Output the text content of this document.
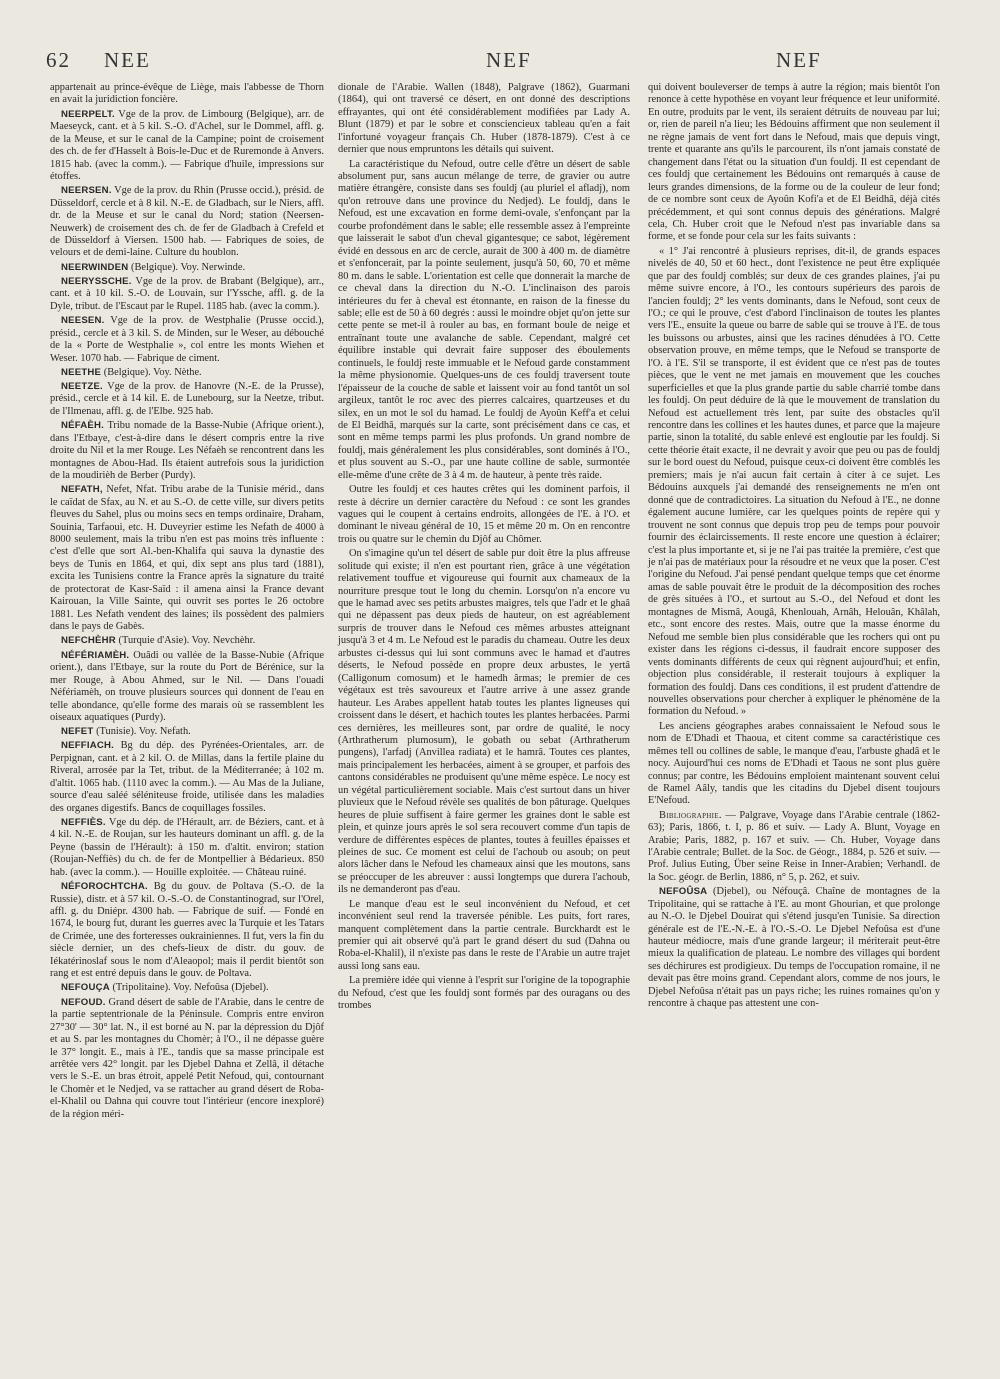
62 NEE	NEF	NEF

appartenait au prince-évêque de Liège, mais l'abbesse de Thorn en avait la juridiction foncière.

NEERPELT. Vge de la prov. de Limbourg (Belgique), arr. de Maeseyck, cant. et à 5 kil. S.-O. d'Achel, sur le Dommel, affl. g. de la Meuse, et sur le canal de la Campine; point de croisement des ch. de fer d'Hasselt à Bois-le-Duc et de Ruremonde à Anvers. 1815 hab. (avec la comm.). — Fabrique d'huile, impressions sur étoffes.

NEERSEN. Vge de la prov. du Rhin (Prusse occid.), présid. de Düsseldorf, cercle et à 8 kil. N.-E. de Gladbach, sur le Niers, affl. dr. de la Meuse et sur le canal du Nord; station (Neersen-Neuwerk) de croisement des ch. de fer de Gladbach à Crefeld et de Düsseldorf à Viersen. 1500 hab. — Fabriques de soies, de velours et de demi-laine. Culture du houblon.

NEERWINDEN (Belgique). Voy. Nerwinde.

NEERYSSCHE. Vge de la prov. de Brabant (Belgique), arr., cant. et à 10 kil. S.-O. de Louvain, sur l'Yssche, affl. g. de la Dyle, tribut. de l'Escaut par le Rupel. 1185 hab. (avec la comm.).

NEESEN. Vge de la prov. de Westphalie (Prusse occid.), présid., cercle et à 3 kil. S. de Minden, sur le Weser, au débouché de la « Porte de Westphalie », col entre les monts Wiehen et Weser. 1070 hab. — Fabrique de ciment.

NEETHE (Belgique). Voy. Nèthe.

NEETZE. Vge de la prov. de Hanovre (N.-E. de la Prusse), présid., cercle et à 14 kil. E. de Lunebourg, sur la Neetze, tribut. de l'Ilmenau, affl. g. de l'Elbe. 925 hab.

NÉFAÈH. Tribu nomade de la Basse-Nubie (Afrique orient.), dans l'Etbaye, c'est-à-dire dans le désert compris entre la rive droite du Nil et la mer Rouge. Les Néfaèh se rencontrent dans les montagnes de Abou-Had. Ils étaient autrefois sous la juridiction de la moudirièh de Berber (Purdy).

NEFATH, Nefet, Nfat. Tribu arabe de la Tunisie mérid., dans le caïdat de Sfax, au N. et au S.-O. de cette ville, sur divers petits fleuves du Sahel, plus ou moins secs en temps ordinaire, Draham, Souinia, Tarfaoui, etc. H. Duveyrier estime les Nefath de 4000 à 8000 seulement, mais la tribu n'en est pas moins très influente : c'est d'elle que sort Al.-ben-Khalifa qui sauva la dynastie des beys de Tunis en 1864, et qui, dix sept ans plus tard (1881), excita les Tunisiens contre la France après la signature du traité de protectorat de Kasr-Saïd : il amena ainsi la France devant Kairouan, la Ville Sainte, qui ouvrit ses portes le 26 octobre 1881. Les Nefath vendent des laines; ils possèdent des palmiers dans le pays de Gabès.

NEFCHÈHR (Turquie d'Asie). Voy. Nevchèhr.

NÉFÉRIAMÈH. Ouâdi ou vallée de la Basse-Nubie (Afrique orient.), dans l'Etbaye, sur la route du Port de Bérénice, sur la mer Rouge, à Abou Ahmed, sur le Nil. — Dans l'ouadi Néfériamèh, on trouve plusieurs sources qui donnent de l'eau en telle abondance, qu'elle forme des marais où se rassemblent les oiseaux aquatiques (Purdy).

NEFET (Tunisie). Voy. Nefath.

NEFFIACH. Bg du dép. des Pyrénées-Orientales, arr. de Perpignan, cant. et à 2 kil. O. de Millas, dans la fertile plaine du Riveral, arrosée par la Tet, tribut. de la Méditerranée; à 102 m. d'altit. 1065 hab. (1110 avec la comm.). — Au Mas de la Juliane, source d'eau saléé séléniteuse froide, utilisée dans les maladies des organes digestifs. Bancs de coquillages fossiles.

NEFFIÈS. Vge du dép. de l'Hérault, arr. de Béziers, cant. et à 4 kil. N.-E. de Roujan, sur les hauteurs dominant un affl. g. de la Peyne (bassin de l'Hérault): à 150 m. d'altit. environ; station (Roujan-Neffiès) du ch. de fer de Montpellier à Bédarieux. 850 hab. (avec la comm.). — Houille exploitée. — Château ruiné.

NÉFOROCHTCHA. Bg du gouv. de Poltava (S.-O. de la Russie), distr. et à 57 kil. O.-S.-O. de Constantinograd, sur l'Orel, affl. g. du Dniépr. 4300 hab. — Fabrique de suif. — Fondé en 1674, le bourg fut, durant les guerres avec la Turquie et les Tatars de Crimée, une des forteresses oukrainiennes. Il fut, vers la fin du siècle dernier, un des chefs-lieux de distr. du gouv. de Iékatérinoslaf sous le nom d'Aleaopol; mais il perdit bientôt son rang et est entré depuis dans le gouv. de Poltava.

NEFOUÇA (Tripolitaine). Voy. Nefoûsa (Djebel).

NEFOUD. Grand désert de sable de l'Arabie, dans le centre de la partie septentrionale de la Péninsule. Compris entre environ 27°30' — 30° lat. N., il est borné au N. par la dépression du Djôf et au S. par les montagnes du Chomèr; à l'O., il ne dépasse guère le 37° longit. E., mais à l'E., tandis que sa masse principale est arrêtée vers 42° longit. par les Djebel Dahna et Zellâ, il détache vers le S.-E. un bras étroit, appelé Petit Nefoud, qui, contournant le Chomèr et le Nedjed, va se rattacher au grand désert de Roba-el-Khalil ou Dahna qui couvre tout l'intérieur (encore inexploré) de la région méri-

dionale de l'Arabie. Wallen (1848), Palgrave (1862), Guarmani (1864), qui ont traversé ce désert, en ont donné des descriptions effrayantes, qui ont été considérablement modifiées par Lady A. Blunt (1879) et par le sobre et consciencieux tableau qu'en a fait l'infortuné voyageur français Ch. Huber (1878-1879). C'est à ce dernier que nous empruntons les détails qui suivent.

La caractéristique du Nefoud, outre celle d'être un désert de sable absolument pur, sans aucun mélange de terre, de gravier ou autre matière étrangère, consiste dans ses fouldj (au pluriel el afladj), nom qu'on retrouve dans une province du Nedjed). Le fouldj, dans le Nefoud, est une excavation en forme demi-ovale, s'enfonçant par la courbe profondément dans le sable; elle ressemble assez à l'empreinte que laisserait le sabot d'un cheval gigantesque; ce sabot, légèrement évidé en dessous en arc de cercle, aurait de 300 à 400 m. de diamètre et s'enfoncerait, par la pointe seulement, jusqu'à 50, 60, 70 et même 80 m. dans le sable. L'orientation est celle que donnerait la marche de ce cheval dans la direction du N.-O. L'inclinaison des parois intérieures du fer à cheval est étonnante, en raison de la finesse du sable; elle est de 50 à 60 degrés : aussi le moindre objet qu'on jette sur cette pente se met-il à rouler au bas, en formant boule de neige et entraînant toute une avalanche de sable. Cependant, malgré cet équilibre instable qui devrait faire supposer des éboulements continuels, le fouldj reste immuable et le Nefoud garde constamment la même physionomie. Quelques-uns de ces fouldj traversent toute l'épaisseur de la couche de sable et laissent voir au fond tantôt un sol argileux, tantôt le roc avec des pierres calcaires, quartzeuses et du silex, en un mot le sol du hamad. Le fouldj de Ayoûn Keff'a et celui de El Beidhâ, marqués sur la carte, sont précisément dans ce cas, et sont en même temps parmi les plus profonds. Un grand nombre de fouldj, mais généralement les plus considérables, sont dominés à l'O., et plus souvent au S.-O., par une haute colline de sable, surmontée elle-même d'une crête de 3 à 4 m. de hauteur, à pente très raide.

Outre les fouldj et ces hautes crêtes qui les dominent parfois, il reste à décrire un dernier caractère du Nefoud : ce sont les grandes vagues qui le coupent à certains endroits, allongées de l'E. à l'O. et dominant le niveau général de 10, 15 et même 20 m. On en rencontre trois ou quatre sur le chemin du Djôf au Chômer.

On s'imagine qu'un tel désert de sable pur doit être la plus affreuse solitude qui existe; il n'en est pourtant rien, grâce à une végétation relativement touffue et vigoureuse qui fournit aux chameaux de la nourriture presque tout le long du chemin. Lorsqu'on n'a encore vu que le hamad avec ses petits arbustes maigres, tels que l'adr et le ghaâ qui ne dépassent pas deux pieds de hauteur, on est agréablement surpris de trouver dans le Nefoud ces mêmes arbustes atteignant jusqu'à 3 et 4 m. Le Nefoud est le paradis du chameau. Outre les deux arbustes ci-dessus qui lui sont communs avec le hamad et d'autres déserts, le Nefoud possède en propre deux arbustes, le yertâ (Calligonum comosum) et le hamedh ârmas; le premier de ces végétaux est très savoureux et l'autre arrive à une assez grande hauteur. Les Arabes appellent hatab toutes les plantes ligneuses qui croissent dans le désert, et hachich toutes les plantes herbacées. Parmi ces dernières, les meilleures sont, par ordre de qualité, le nocy (Arthratherum plumosum), le gobath ou sebat (Arthratherum pungens), l'arfadj (Anvillea radiata) et le hamrâ. Toutes ces plantes, mais principalement les herbacées, aiment à se grouper, et parfois des cantons considérables ne produisent qu'une même espèce. Le nocy est un végétal particulièrement sociable. Mais c'est surtout dans un hiver pluvieux que le Nefoud révèle ses qualités de bon pâturage. Quelques heures de pluie suffisent à faire germer les graines dont le sable est plein, et quinze jours après le sol sera recouvert comme d'un tapis de verdure de différentes espèces de plantes, toutes à feuilles épaisses et pleines de suc. Ce moment est celui de l'achoub ou asoub; on peut alors lâcher dans le Nefoud les chameaux ainsi que les moutons, sans se préoccuper de les abreuver : aussi longtemps que durera l'achoub, ils ne demanderont pas d'eau.

Le manque d'eau est le seul inconvénient du Nefoud, et cet inconvénient seul rend la traversée pénible. Les puits, fort rares, manquent complètement dans la partie centrale. Burckhardt est le premier qui ait observé qu'à part le grand désert du sud (Dahna ou Roba-el-Khalil), il n'existe pas dans le reste de l'Arabie un autre trajet aussi long sans eau.

La première idée qui vienne à l'esprit sur l'origine de la topographie du Nefoud, c'est que les fouldj sont formés par des ouragans ou des trombes

qui doivent bouleverser de temps à autre la région; mais bientôt l'on renonce à cette hypothèse en voyant leur fréquence et leur uniformité. En outre, produits par le vent, ils seraient détruits de nouveau par lui; or, rien de pareil n'a lieu; les Bédouins affirment que non seulement il ne règne jamais de vent fort dans le Nefoud, mais que depuis vingt, trente et quarante ans qu'ils le parcourent, ils n'ont jamais constaté de changement dans l'état ou la situation d'un fouldj. Il est cependant de ces fouldj que certainement les Bédouins ont remarqués à cause de leurs grandes dimensions, de la forme ou de la couleur de leur fond; de ce nombre sont ceux de Ayoûn Kofi'a et de El Beidhâ, déjà cités précédemment, et qui sont connus depuis des générations. Malgré cela, Ch. Huber croit que le Nefoud n'est pas invariable dans sa forme, et se fonde pour cela sur les faits suivants :

« 1° J'ai rencontré à plusieurs reprises, dit-il, de grands espaces nivelés de 40, 50 et 60 hect., dont l'existence ne peut être expliquée que par des fouldj comblés; sur deux de ces grandes plaines, j'ai pu même suivre encore, à l'O., les contours supérieurs des parois de l'ancien fouldj; 2° les vents dominants, dans le Nefoud, sont ceux de l'O.; ce qui le prouve, c'est d'abord l'inclinaison de toutes les plantes vers l'E., ensuite la queue ou barre de sable qui se trouve à l'E. de tous les buissons ou arbustes, ainsi que les racines dénudées à l'O. Cette observation prouve, en même temps, que le Nefoud se transporte de l'O. à l'E. S'il se transporte, il est évident que ce n'est pas de toutes pièces, que le vent ne met jamais en mouvement que les couches superficielles et que la plus grande partie du sable charrié tombe dans les fouldj. On peut déduire de là que le mouvement de translation du Nefoud est actuellement très lent, par suite des obstacles qu'il rencontre dans les collines et les hautes dunes, et parce que la majeure partie, sinon la totalité, du sable enlevé est engloutie par les fouldj. Si cette théorie était exacte, il ne devrait y avoir que peu ou pas de fouldj sur le bord ouest du Nefoud, puisque ceux-ci doivent être comblés les premiers; mais je n'ai aucun fait certain à citer à ce sujet. Les Bédouins auxquels j'ai demandé des renseignements ne m'en ont donné que de contradictoires. La situation du Nefoud à l'E., ne donne également aucune lumière, car les quelques points de repère qui y trouvent ne sont connus que depuis trop peu de temps pour pouvoir fournir des éclaircissements. Il reste encore une question à éclairer; c'est la plus importante et, si je ne l'ai pas traitée la première, c'est que je n'ai pas de matériaux pour la résoudre et ne veux que la poser. C'est l'origine du Nefoud. J'ai pensé pendant quelque temps que cet énorme amas de sable pouvait être le produit de la décomposition des roches de grès situées à l'O., et surtout au S.-O., del Nefoud et dont les montagnes de Mismâ, Aougâ, Khenlouah, Arnâh, Helouân, Khâlah, etc., sont encore des restes. Mais, outre que la masse énorme du Nefoud me semble bien plus considérable que les rochers qui ont pu exister dans les régions ci-dessus, il faudrait encore supposer des vents dominants différents de ceux qui règnent aujourd'hui; et enfin, objection plus considérable, il resterait toujours à expliquer la formation des fouldj. Dans ces conditions, il est prudent d'attendre de nouvelles observations pour chercher à expliquer le phénomène de la formation du Nefoud. »

Les anciens géographes arabes connaissaient le Nefoud sous le nom de E'Dhadi et Thaoua, et citent comme sa caractéristique ces mêmes tell ou collines de sable, le manque d'eau, l'arbuste ghadâ et le nocy. Aujourd'hui ces noms de E'Dhadi et Taous ne sont plus guère connus; par contre, les Bédouins emploient maintenant souvent celui de Ramel Aâly, tandis que les citadins du Djebel disent toujours E'Nefoud.

Bibliographie. — Palgrave, Voyage dans l'Arabie centrale (1862-63); Paris, 1866, t. I, p. 86 et suiv. — Lady A. Blunt, Voyage en Arabie; Paris, 1882, p. 167 et suiv. — Ch. Huber, Voyage dans l'Arabie centrale; Bullet. de la Soc. de Géogr., 1884, p. 526 et suiv. — Prof. Julius Euting, Über seine Reise in Inner-Arabien; Verhandl. de la Soc. géogr. de Berlin, 1886, n° 5, p. 262, et suiv.

NEFOÛSA (Djebel), ou Néfouçâ. Chaîne de montagnes de la Tripolitaine, qui se rattache à l'E. au mont Ghourian, et que prolonge au N.-O. le Djebel Douirat qui s'étend jusqu'en Tunisie. Sa direction générale est de l'E.-N.-E. à l'O.-S.-O. Le Djebel Nefoûsa est d'une hauteur médiocre, mais d'une grande largeur; il mériterait peut-être mieux la qualification de plateau. Le nombre des villages qui bordent ses déchirures est prodigieux. Du temps de l'occupation romaine, il ne devait pas être moins grand. Cependant alors, comme de nos jours, le Djebel Nefoûsa n'était pas un pays riche; les ruines romaines qu'on y rencontre à chaque pas attestent une con-
